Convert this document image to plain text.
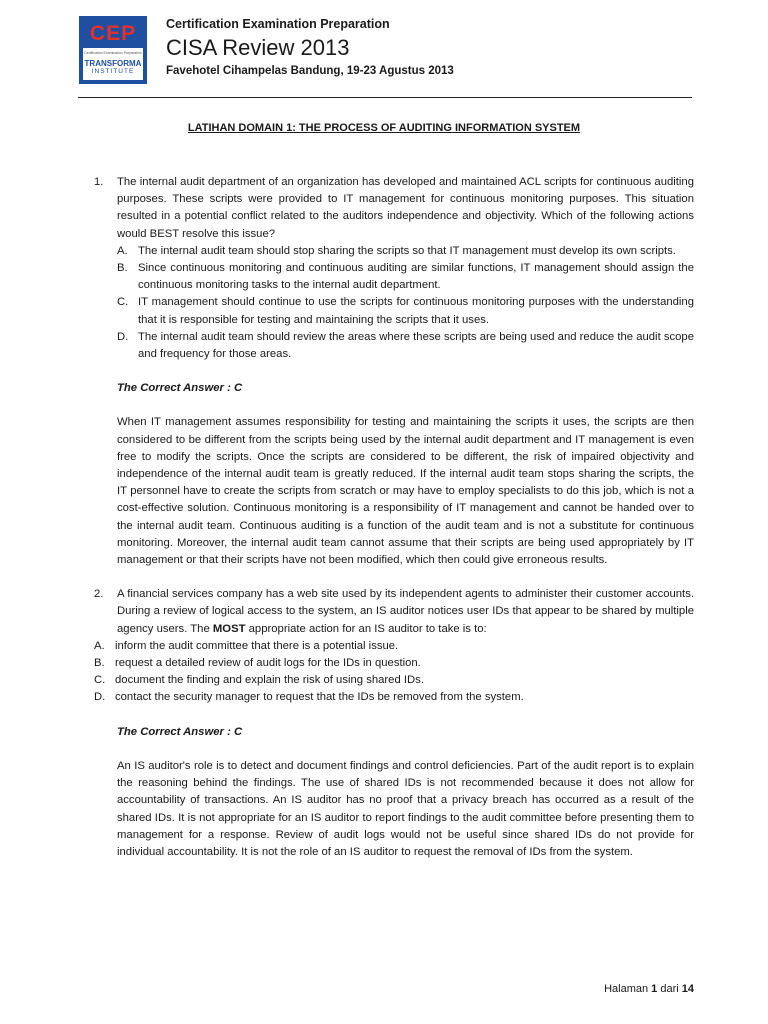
CEP
Certification Examination Preparation
TRANSFORMA
INSTITUTE
Certification Examination Preparation
CISA Review 2013
Favehotel Cihampelas Bandung, 19-23 Agustus 2013
LATIHAN DOMAIN 1: THE PROCESS OF AUDITING INFORMATION SYSTEM
1.	The internal audit department of an organization has developed and maintained ACL scripts for continuous auditing purposes. These scripts were provided to IT management for continuous monitoring purposes. This situation resulted in a potential conflict related to the auditors independence and objectivity. Which of the following actions would BEST resolve this issue?
A. The internal audit team should stop sharing the scripts so that IT management must develop its own scripts.
B. Since continuous monitoring and continuous auditing are similar functions, IT management should assign the continuous monitoring tasks to the internal audit department.
C. IT management should continue to use the scripts for continuous monitoring purposes with the understanding that it is responsible for testing and maintaining the scripts that it uses.
D. The internal audit team should review the areas where these scripts are being used and reduce the audit scope and frequency for those areas.
The Correct Answer : C
When IT management assumes responsibility for testing and maintaining the scripts it uses, the scripts are then considered to be different from the scripts being used by the internal audit department and IT management is even free to modify the scripts. Once the scripts are considered to be different, the risk of impaired objectivity and independence of the internal audit team is greatly reduced. If the internal audit team stops sharing the scripts, the IT personnel have to create the scripts from scratch or may have to employ specialists to do this job, which is not a cost-effective solution. Continuous monitoring is a responsibility of IT management and cannot be handed over to the internal audit team. Continuous auditing is a function of the audit team and is not a substitute for continuous monitoring. Moreover, the internal audit team cannot assume that their scripts are being used appropriately by IT management or that their scripts have not been modified, which then could give erroneous results.
2.	A financial services company has a web site used by its independent agents to administer their customer accounts. During a review of logical access to the system, an IS auditor notices user IDs that appear to be shared by multiple agency users. The MOST appropriate action for an IS auditor to take is to:
A. inform the audit committee that there is a potential issue.
B. request a detailed review of audit logs for the IDs in question.
C. document the finding and explain the risk of using shared IDs.
D. contact the security manager to request that the IDs be removed from the system.
The Correct Answer : C
An IS auditor's role is to detect and document findings and control deficiencies. Part of the audit report is to explain the reasoning behind the findings. The use of shared IDs is not recommended because it does not allow for accountability of transactions. An IS auditor has no proof that a privacy breach has occurred as a result of the shared IDs. It is not appropriate for an IS auditor to report findings to the audit committee before presenting them to management for a response. Review of audit logs would not be useful since shared IDs do not provide for individual accountability. It is not the role of an IS auditor to request the removal of IDs from the system.
Halaman 1 dari 14
